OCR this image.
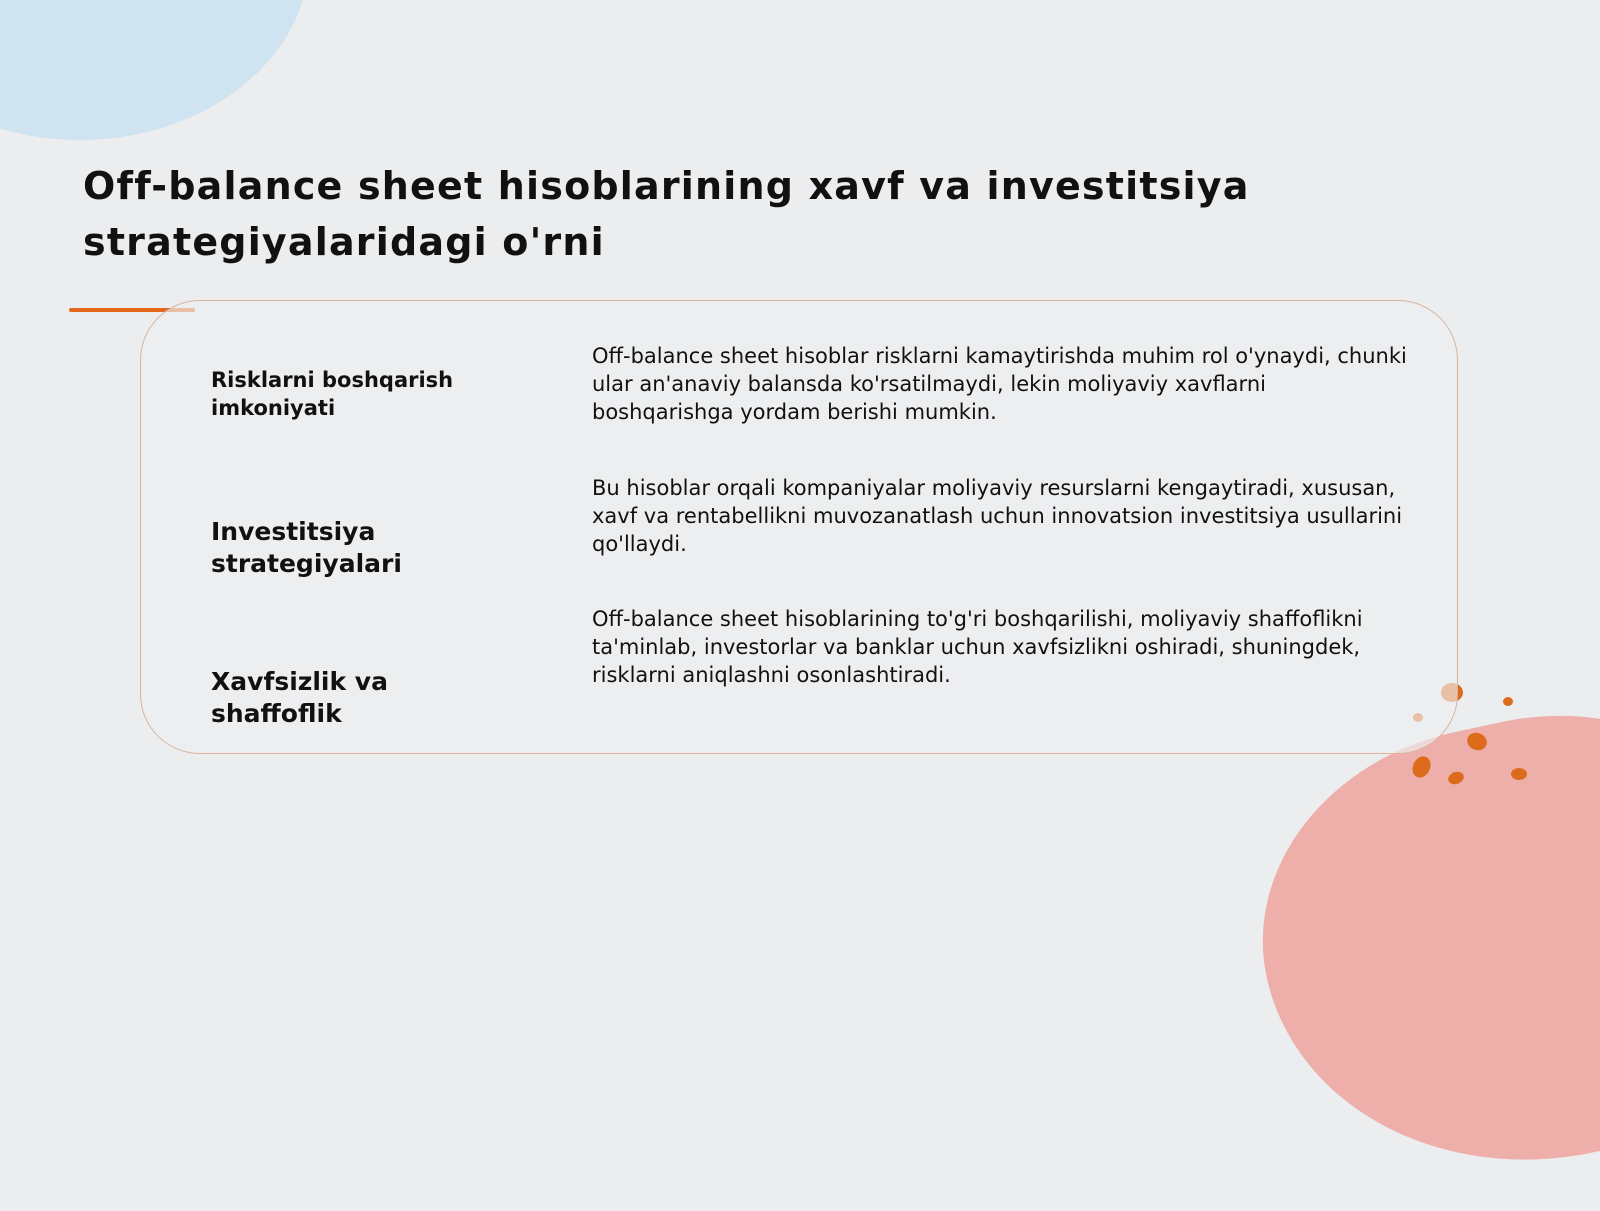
Off-balance sheet hisoblarining xavf va investitsiya strategiyalaridagi o'rni
Risklarni boshqarish imkoniyati
Off-balance sheet hisoblar risklarni kamaytirishda muhim rol o'ynaydi, chunki ular an'anaviy balansda ko'rsatilmaydi, lekin moliyaviy xavflarni boshqarishga yordam berishi mumkin.
Investitsiya strategiyalari
Bu hisoblar orqali kompaniyalar moliyaviy resurslarni kengaytiradi, xususan, xavf va rentabellikni muvozanatlash uchun innovatsion investitsiya usullarini qo'llaydi.
Xavfsizlik va shaffoflik
Off-balance sheet hisoblarining to'g'ri boshqarilishi, moliyaviy shaffoflikni ta'minlab, investorlar va banklar uchun xavfsizlikni oshiradi, shuningdek, risklarni aniqlashni osonlashtiradi.
